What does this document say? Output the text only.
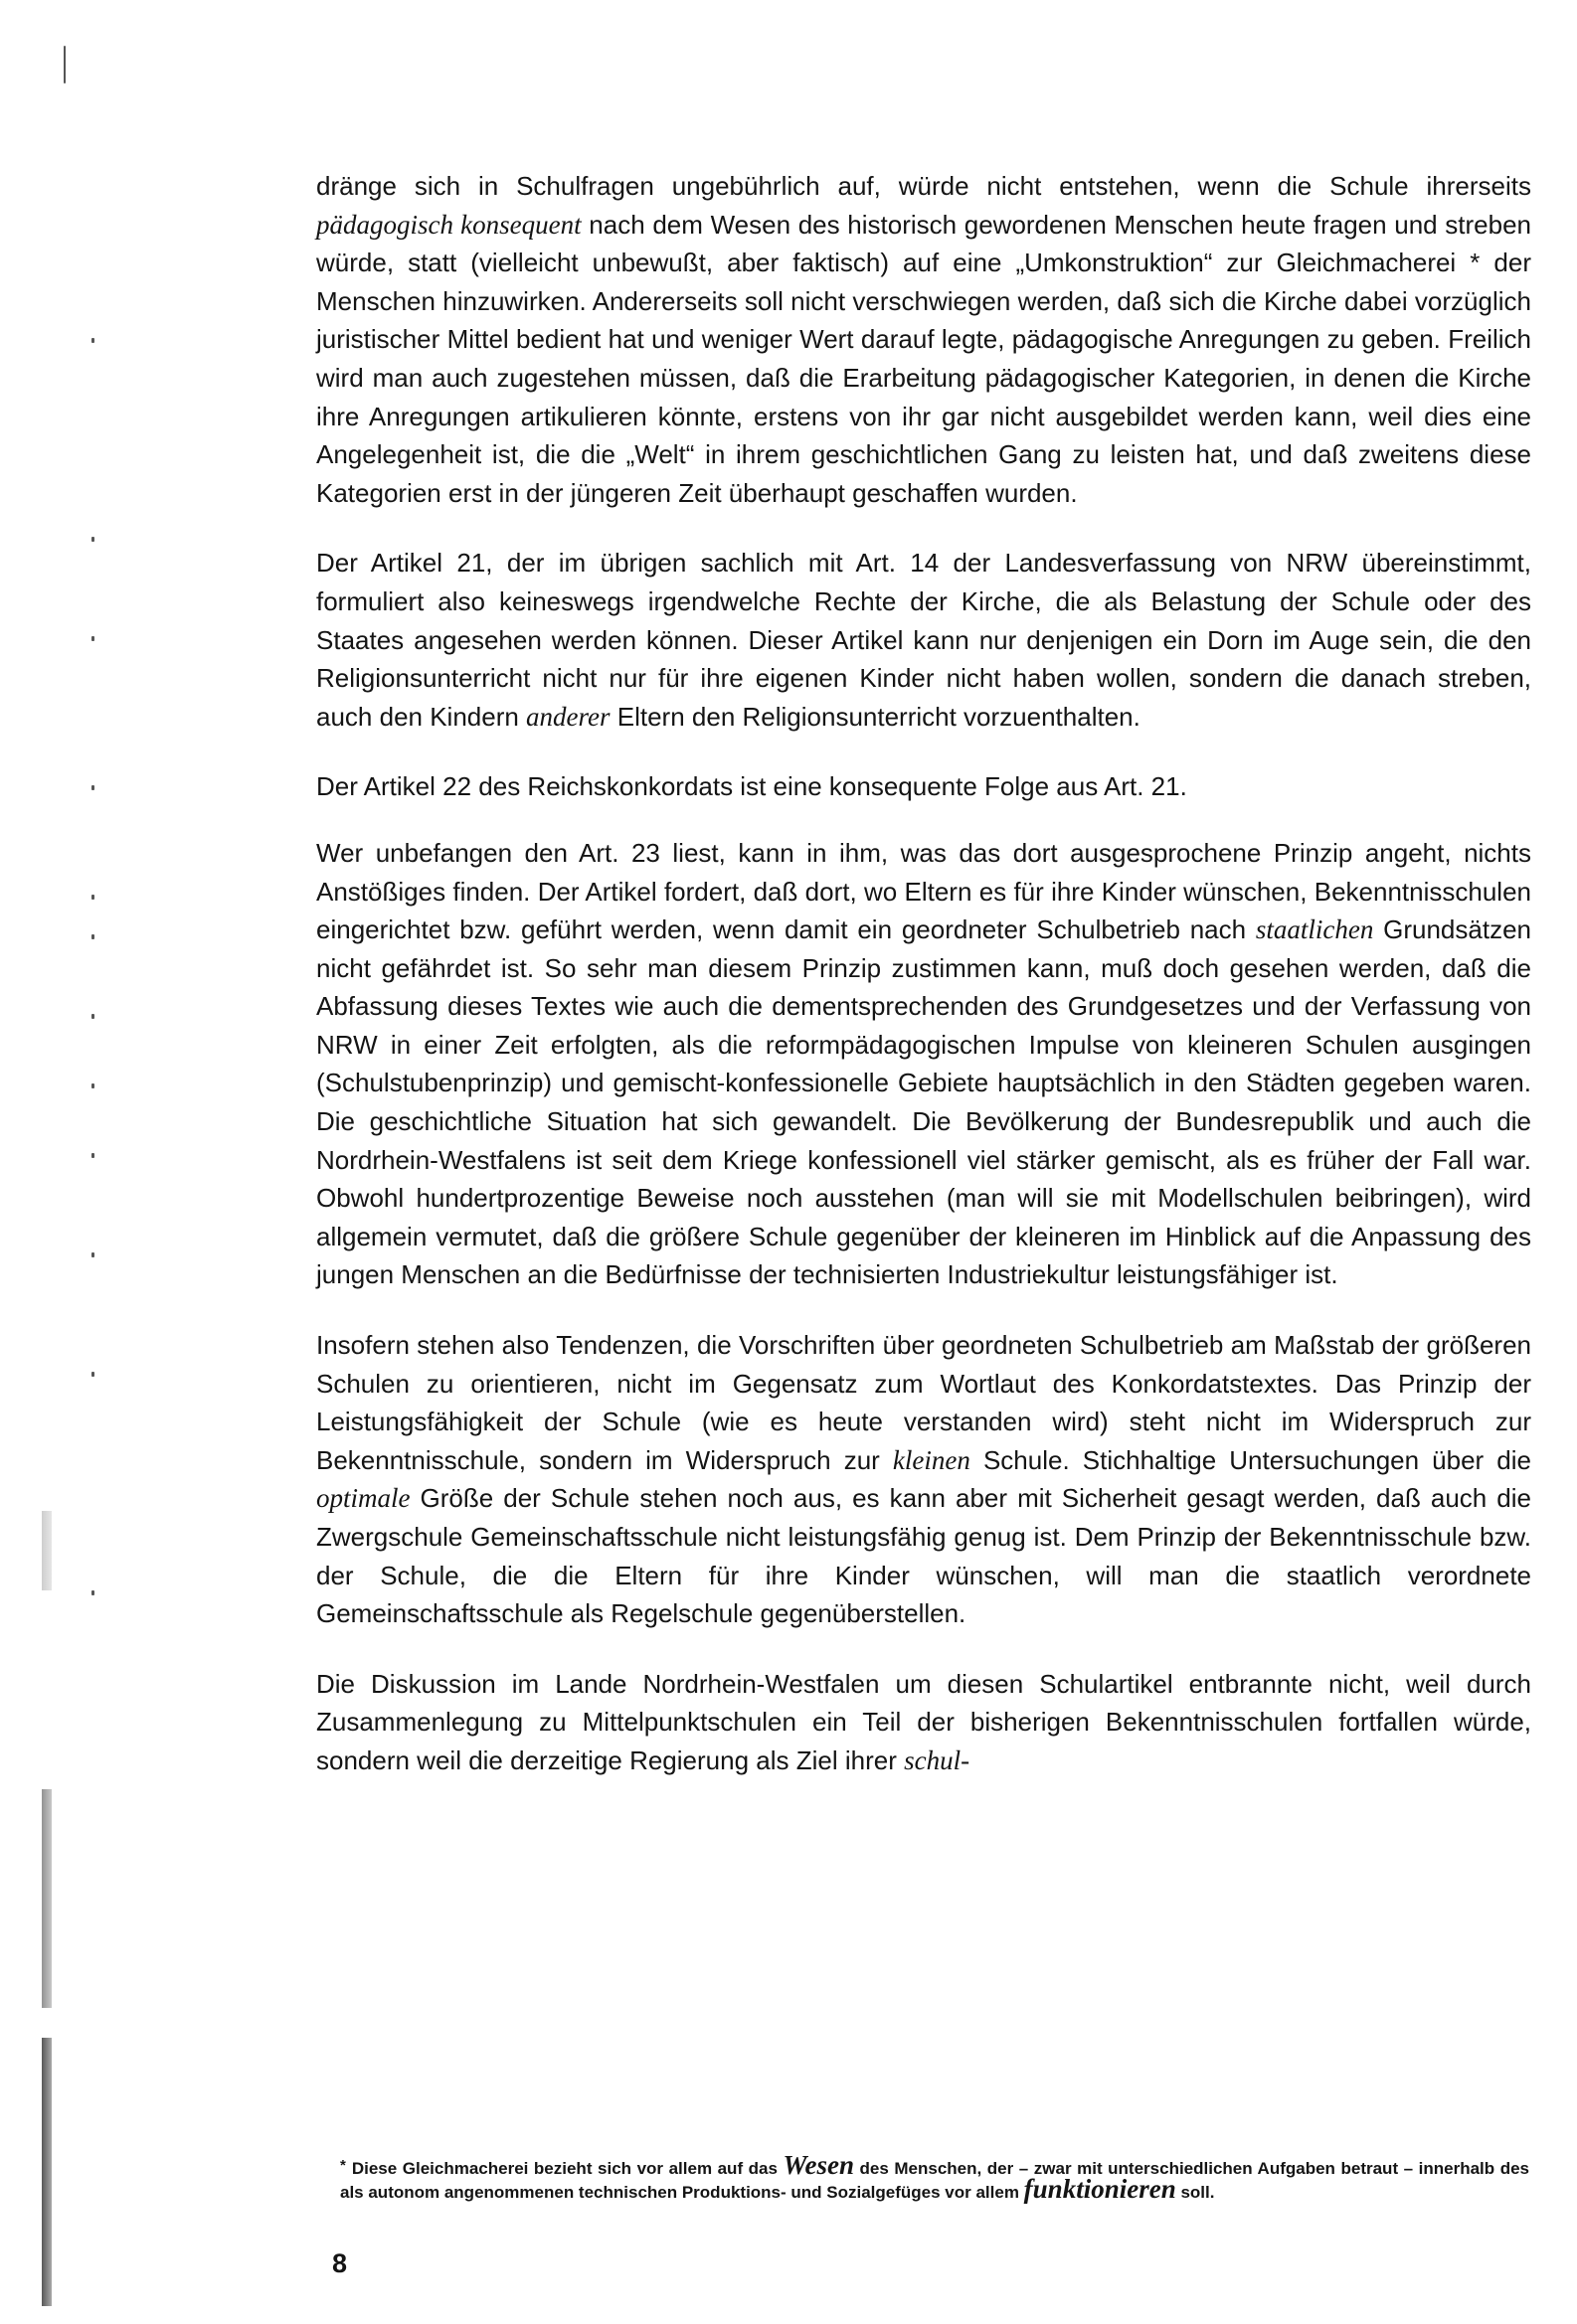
dränge sich in Schulfragen ungebührlich auf, würde nicht entstehen, wenn die Schule ihrerseits pädagogisch konsequent nach dem Wesen des historisch gewordenen Menschen heute fragen und streben würde, statt (vielleicht unbewußt, aber faktisch) auf eine „Umkonstruktion“ zur Gleichmacherei * der Menschen hinzuwirken. Andererseits soll nicht verschwiegen werden, daß sich die Kirche dabei vorzüglich juristischer Mittel bedient hat und weniger Wert darauf legte, pädagogische Anregungen zu geben. Freilich wird man auch zugestehen müssen, daß die Erarbeitung pädagogischer Kategorien, in denen die Kirche ihre Anregungen artikulieren könnte, erstens von ihr gar nicht ausgebildet werden kann, weil dies eine Angelegenheit ist, die die „Welt“ in ihrem geschichtlichen Gang zu leisten hat, und daß zweitens diese Kategorien erst in der jüngeren Zeit überhaupt geschaffen wurden.

Der Artikel 21, der im übrigen sachlich mit Art. 14 der Landesverfassung von NRW übereinstimmt, formuliert also keineswegs irgendwelche Rechte der Kirche, die als Belastung der Schule oder des Staates angesehen werden können. Dieser Artikel kann nur denjenigen ein Dorn im Auge sein, die den Religionsunterricht nicht nur für ihre eigenen Kinder nicht haben wollen, sondern die danach streben, auch den Kindern anderer Eltern den Religionsunterricht vorzuenthalten.

Der Artikel 22 des Reichskonkordats ist eine konsequente Folge aus Art. 21.

Wer unbefangen den Art. 23 liest, kann in ihm, was das dort ausgesprochene Prinzip angeht, nichts Anstößiges finden. Der Artikel fordert, daß dort, wo Eltern es für ihre Kinder wünschen, Bekenntnisschulen eingerichtet bzw. geführt werden, wenn damit ein geordneter Schulbetrieb nach staatlichen Grundsätzen nicht gefährdet ist. So sehr man diesem Prinzip zustimmen kann, muß doch gesehen werden, daß die Abfassung dieses Textes wie auch die dementsprechenden des Grundgesetzes und der Verfassung von NRW in einer Zeit erfolgten, als die reformpädagogischen Impulse von kleineren Schulen ausgingen (Schulstubenprinzip) und gemischt-konfessionelle Gebiete hauptsächlich in den Städten gegeben waren. Die geschichtliche Situation hat sich gewandelt. Die Bevölkerung der Bundesrepublik und auch die Nordrhein-Westfalens ist seit dem Kriege konfessionell viel stärker gemischt, als es früher der Fall war. Obwohl hundertprozentige Beweise noch ausstehen (man will sie mit Modellschulen beibringen), wird allgemein vermutet, daß die größere Schule gegenüber der kleineren im Hinblick auf die Anpassung des jungen Menschen an die Bedürfnisse der technisierten Industriekultur leistungsfähiger ist.

Insofern stehen also Tendenzen, die Vorschriften über geordneten Schulbetrieb am Maßstab der größeren Schulen zu orientieren, nicht im Gegensatz zum Wortlaut des Konkordatstextes. Das Prinzip der Leistungsfähigkeit der Schule (wie es heute verstanden wird) steht nicht im Widerspruch zur Bekenntnisschule, sondern im Widerspruch zur kleinen Schule. Stichhaltige Untersuchungen über die optimale Größe der Schule stehen noch aus, es kann aber mit Sicherheit gesagt werden, daß auch die Zwergschule Gemeinschaftsschule nicht leistungsfähig genug ist. Dem Prinzip der Bekenntnisschule bzw. der Schule, die die Eltern für ihre Kinder wünschen, will man die staatlich verordnete Gemeinschaftsschule als Regelschule gegenüberstellen.

Die Diskussion im Lande Nordrhein-Westfalen um diesen Schulartikel entbrannte nicht, weil durch Zusammenlegung zu Mittelpunktschulen ein Teil der bisherigen Bekenntnisschulen fortfallen würde, sondern weil die derzeitige Regierung als Ziel ihrer schul-

* Diese Gleichmacherei bezieht sich vor allem auf das Wesen des Menschen, der – zwar mit unterschiedlichen Aufgaben betraut – innerhalb des als autonom angenommenen technischen Produktions- und Sozialgefüges vor allem funktionieren soll.
8
